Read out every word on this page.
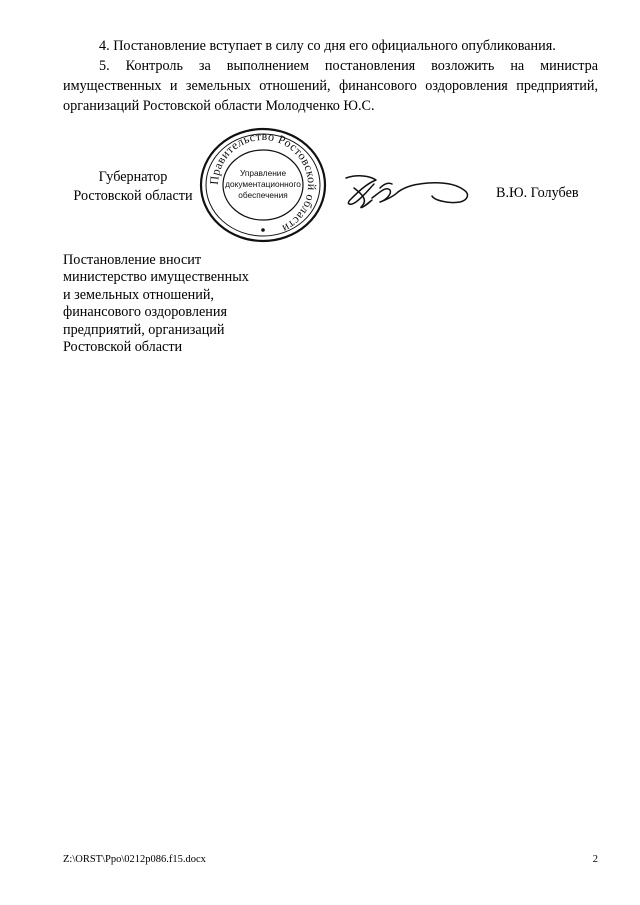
4. Постановление вступает в силу со дня его официального опубликования.

5. Контроль за выполнением постановления возложить на министра имущественных и земельных отношений, финансового оздоровления предприятий, организаций Ростовской области Молодченко Ю.С.

Губернатор
Ростовской области
Правительство Ростовской области
Управление
документационного
обеспечения	В.Ю. Голубев
Постановление вносит
министерство имущественных
и земельных отношений,
финансового оздоровления
предприятий, организаций
Ростовской области
Z:\ORST\Ppo\0212p086.f15.docx	2
